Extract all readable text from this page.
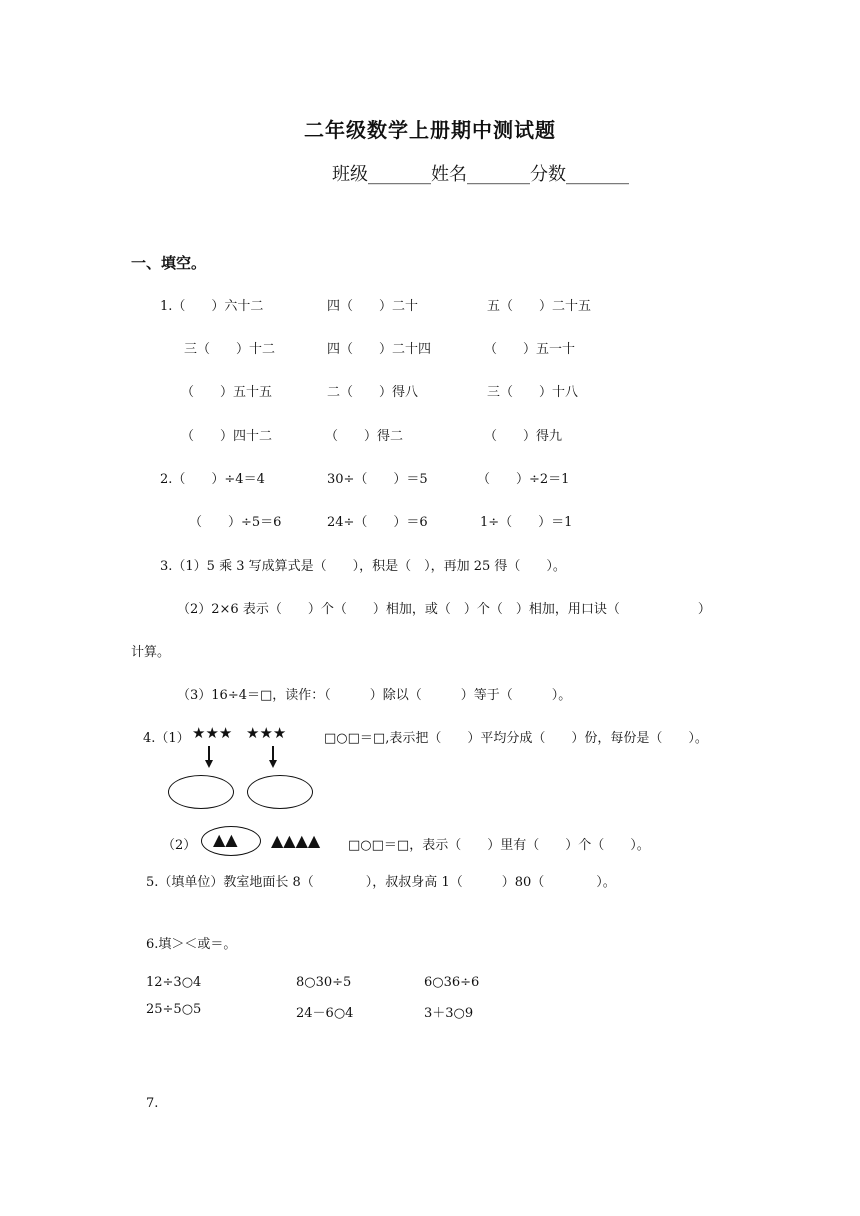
二年级数学上册期中测试题
班级_______姓名_______分数_______
一、填空。
1.（　　）六十二	四（　　）二十	五（　　）二十五
三（　　）十二	四（　　）二十四	（　　）五一十
（　　）五十五	二（　　）得八	三（　　）十八
（　　）四十二	（　　）得二	（　　）得九
2.（　　）÷4＝4	30÷（　　）＝5	（　　）÷2＝1
（　　）÷5＝6	24÷（　　）＝6	1÷（　　）＝1
3.（1）5 乘 3 写成算式是（　　），积是（　），再加 25 得（　　）。
（2）2×6 表示（　　）个（　　）相加，或（　）个（　）相加，用口诀（　　　　　　）
计算。
（3）16÷4＝□，读作：（　　　）除以（　　　）等于（　　　）。
4.（1） ★★★ ★★★	□○□＝□,表示把（　　）平均分成（　　）份，每份是（　　）。
（2） ▲▲ ▲▲▲▲ □○□＝□，表示（　　）里有（　　）个（　　）。
5.（填单位）教室地面长 8（　　　　），叔叔身高 1（　　　）80（　　　　）。
6.填＞＜或＝。
12÷3○4	8○30÷5	6○36÷6
25÷5○5	24－6○4	3＋3○9
7.
